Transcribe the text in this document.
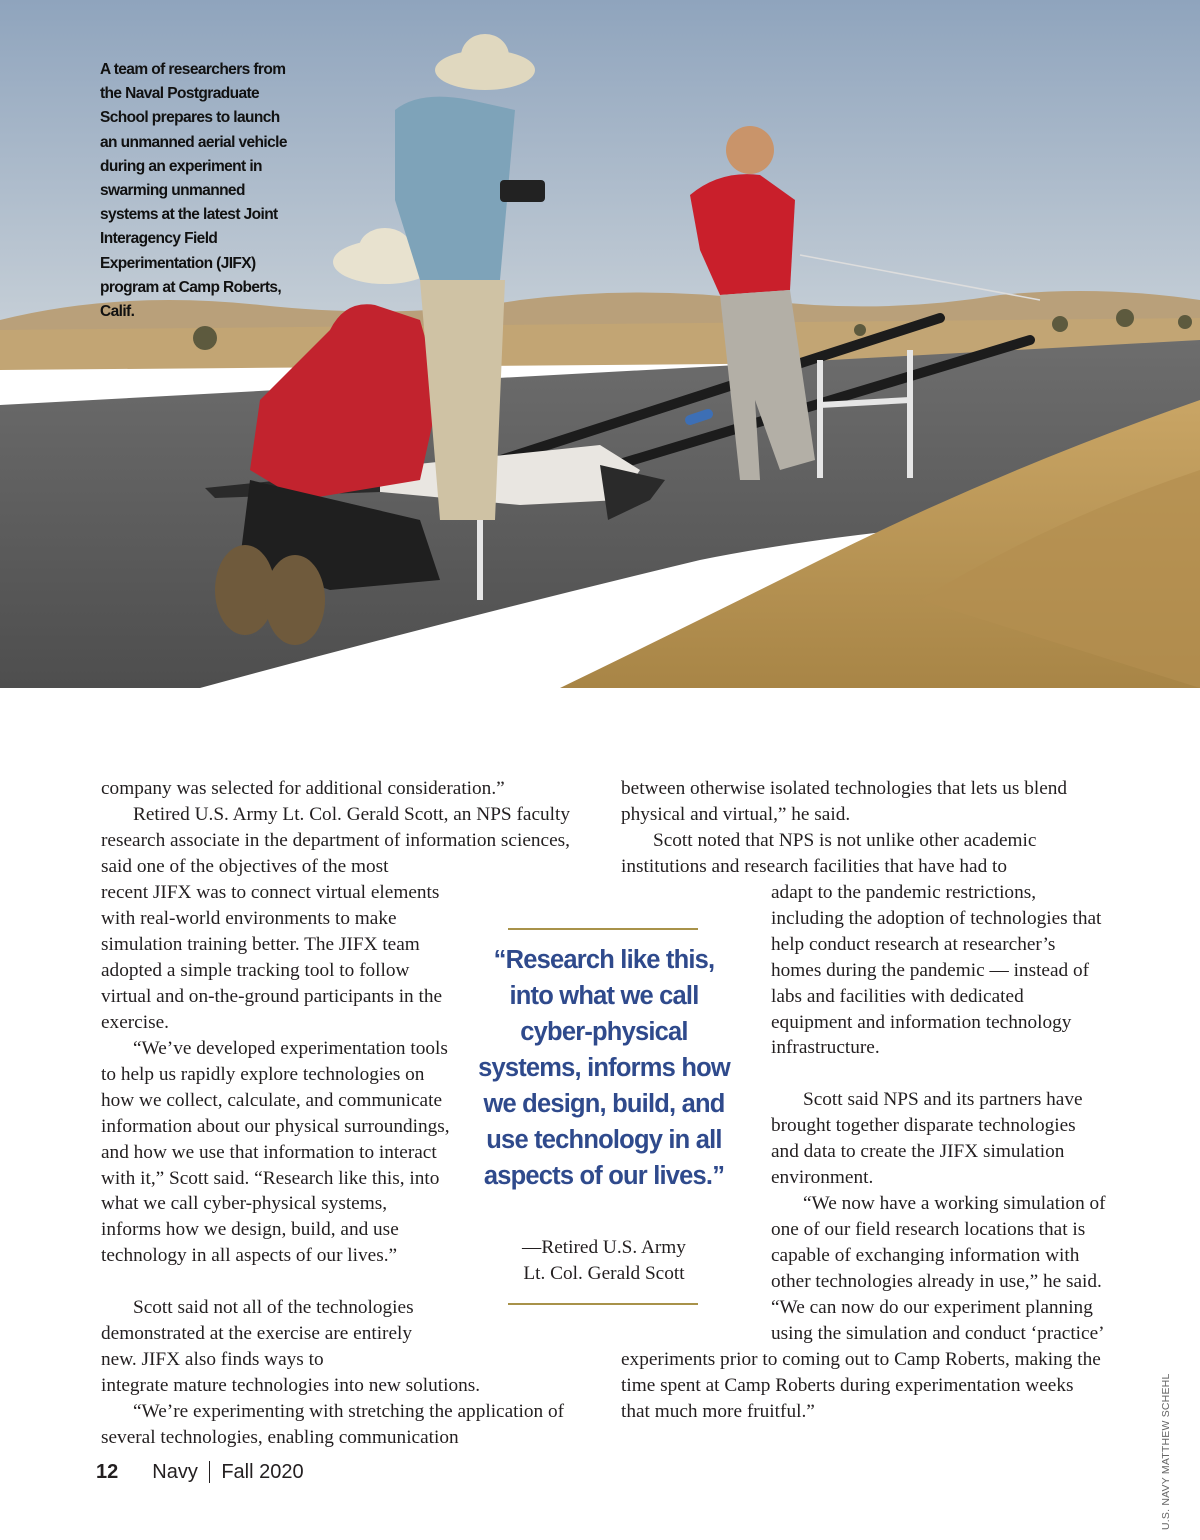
A team of researchers from the Naval Postgraduate School prepares to launch an unmanned aerial vehicle during an experiment in swarming unmanned systems at the latest Joint Interagency Field Experimentation (JIFX) program at Camp Roberts, Calif.

company was selected for additional consideration.”

Retired U.S. Army Lt. Col. Gerald Scott, an NPS faculty research associate in the department of information sciences, said one of the objectives of the most

recent JIFX was to connect virtual elements with real-world environments to make simulation training better. The JIFX team adopted a simple tracking tool to follow virtual and on-the-ground participants in the exercise.

“We’ve developed experimentation tools to help us rapidly explore technologies on how we collect, calculate, and communicate information about our physical surroundings, and how we use that information to interact with it,” Scott said. “Research like this, into what we call cyber-physical systems, informs how we design, build, and use technology in all aspects of our lives.”

Scott said not all of the technologies demonstrated at the exercise are entirely new. JIFX also finds ways to

integrate mature technologies into new solutions.

“We’re experimenting with stretching the application of several technologies, enabling communication

“Research like this, into what we call cyber-physical systems, informs how we design, build, and use technology in all aspects of our lives.”

—Retired U.S. Army
Lt. Col. Gerald Scott

between otherwise isolated technologies that lets us blend physical and virtual,” he said.

Scott noted that NPS is not unlike other academic institutions and research facilities that have had to

adapt to the pandemic restrictions, including the adoption of technologies that help conduct research at researcher’s homes during the pandemic — instead of labs and facilities with dedicated equipment and information technology infrastructure.

Scott said NPS and its partners have brought together disparate technologies and data to create the JIFX simulation environment.

“We now have a working simulation of one of our field research locations that is capable of exchanging information with other technologies already in use,” he said. “We can now do our experiment planning using the simulation and conduct ‘practice’

experiments prior to coming out to Camp Roberts, making the time spent at Camp Roberts during experimentation weeks that much more fruitful.”	U.S. NAVY MATTHEW SCHEHL
12 Navy Fall 2020
